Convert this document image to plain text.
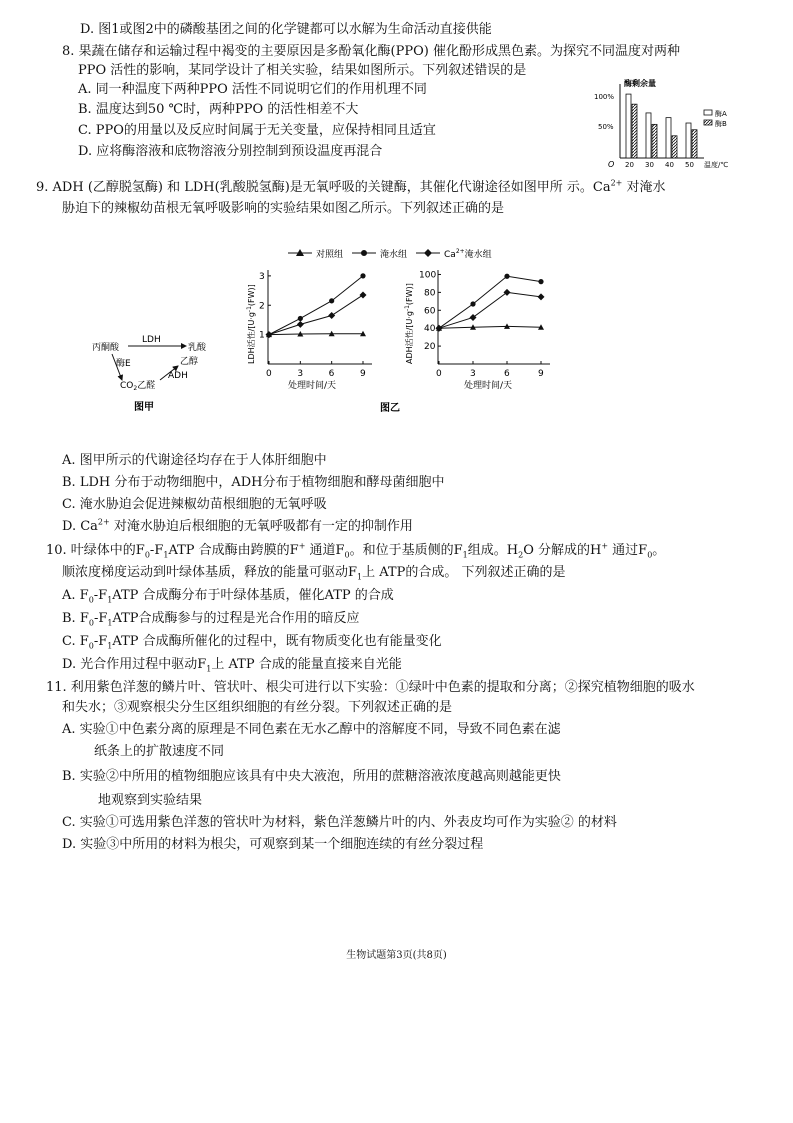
D. 图1或图2中的磷酸基团之间的化学键都可以水解为生命活动直接供能
8. 果蔬在储存和运输过程中褐变的主要原因是多酚氧化酶(PPO) 催化酚形成黑色素。为探究不同温度对两种
PPO 活性的影响，某同学设计了相关实验，结果如图所示。下列叙述错误的是
A. 同一种温度下两种PPO 活性不同说明它们的作用机理不同
B. 温度达到50 ℃时，两种PPO 的活性相差不大
C. PPO的用量以及反应时间属于无关变量，应保持相同且适宜
D. 应将酶溶液和底物溶液分别控制到预设温度再混合
酶剩余量
100%
50%
O 20 30 40 50 温度/℃
酶A
酶B
9. ADH (乙醇脱氢酶) 和 LDH(乳酸脱氢酶)是无氧呼吸的关键酶，其催化代谢途径如图甲所 示。$Ca^{2+}$ 对淹水
胁迫下的辣椒幼苗根无氧呼吸影响的实验结果如图乙所示。下列叙述正确的是
LDH
丙酮酸	乳酸
酶E
$CO_2$乙醛
乙醇
ADH
图甲
对照组	淹水组	$Ca^{2+}$淹水组
LDH活性$/[U\cdot g^{-1}(FW)]$
1
2
3
0	3	6	9
处理时间/天
ADH活性$/[U\cdot g^{-1}(FW)]$
20
40
60
80
100
0	3	6	9
处理时间/天
图乙
A. 图甲所示的代谢途径均存在于人体肝细胞中
B. LDH 分布于动物细胞中，ADH分布于植物细胞和酵母菌细胞中
C. 淹水胁迫会促进辣椒幼苗根细胞的无氧呼吸
D. $Ca^{2+}$ 对淹水胁迫后根细胞的无氧呼吸都有一定的抑制作用
10. 叶绿体中的$F_0-F_1ATP$ 合成酶由跨膜的F+ 通道$F_0$。和位于基质侧的$F_1$组成。$H_2O$ 分解成的H+ 通过$F_0$。
顺浓度梯度运动到叶绿体基质，释放的能量可驱动$F_1$上 ATP的合成。 下列叙述正确的是
A. $F_0-F_1ATP$ 合成酶分布于叶绿体基质，催化ATP 的合成
B. $F_0-F_1ATP$合成酶参与的过程是光合作用的暗反应
C. $F_0-F_1ATP$ 合成酶所催化的过程中，既有物质变化也有能量变化
D. 光合作用过程中驱动$F_1$上 ATP 合成的能量直接来自光能
11. 利用紫色洋葱的鳞片叶、管状叶、根尖可进行以下实验：①绿叶中色素的提取和分离；②探究植物细胞的吸水
和失水；③观察根尖分生区组织细胞的有丝分裂。下列叙述正确的是
A. 实验①中色素分离的原理是不同色素在无水乙醇中的溶解度不同，导致不同色素在滤
纸条上的扩散速度不同
B. 实验②中所用的植物细胞应该具有中央大液泡，所用的蔗糖溶液浓度越高则越能更快
地观察到实验结果
C. 实验①可选用紫色洋葱的管状叶为材料，紫色洋葱鳞片叶的内、外表皮均可作为实验② 的材料
D. 实验③中所用的材料为根尖，可观察到某一个细胞连续的有丝分裂过程
生物试题第3页(共8页)
